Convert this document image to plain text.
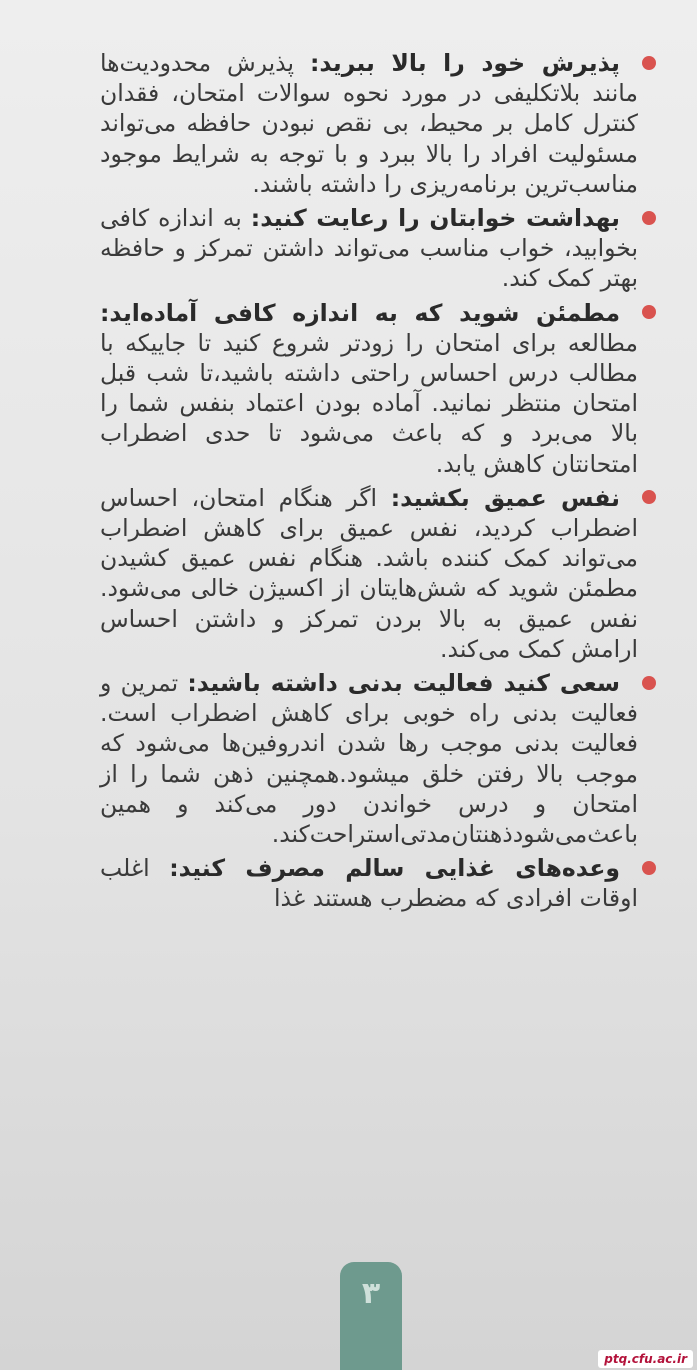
پذیرش خود را بالا ببرید: پذیرش محدودیت‌ها مانند بلاتکلیفی در مورد نحوه سوالات امتحان، فقدان کنترل کامل بر محیط، بی نقص نبودن حافظه می‌تواند مسئولیت افراد را بالا ببرد و با توجه به شرایط موجود مناسب‌ترین برنامه‌ریزی را داشته باشند.
بهداشت خوابتان را رعایت کنید: به اندازه کافی بخوابید، خواب مناسب می‌تواند داشتن تمرکز و حافظه بهتر کمک کند.
مطمئن شوید که به اندازه کافی آماده‌اید: مطالعه برای امتحان را زودتر شروع کنید تا جاییکه با مطالب درس احساس راحتی داشته باشید،تا شب قبل امتحان منتظر نمانید. آماده بودن اعتماد بنفس شما را بالا می‌برد و که باعث می‌شود تا حدی اضطراب امتحانتان کاهش یابد.
نفس عمیق بکشید: اگر هنگام امتحان، احساس اضطراب کردید، نفس عمیق برای کاهش اضطراب می‌تواند کمک کننده باشد. هنگام نفس عمیق کشیدن مطمئن شوید که شش‌هایتان از اکسیژن خالی می‌شود. نفس عمیق به بالا بردن تمرکز و داشتن احساس ارامش کمک می‌کند.
سعی کنید فعالیت بدنی داشته باشید: تمرین و فعالیت بدنی راه خوبی برای کاهش اضطراب است. فعالیت بدنی موجب رها شدن اندروفین‌ها می‌شود که موجب بالا رفتن خلق میشود.همچنین ذهن شما را از امتحان و درس خواندن دور می‌کند و همین باعث‌می‌شودذهنتان‌مدتی‌استراحت‌کند.
وعده‌های غذایی سالم مصرف کنید: اغلب اوقات افرادی که مضطرب هستند غذا
۳
ptq.cfu.ac.ir
